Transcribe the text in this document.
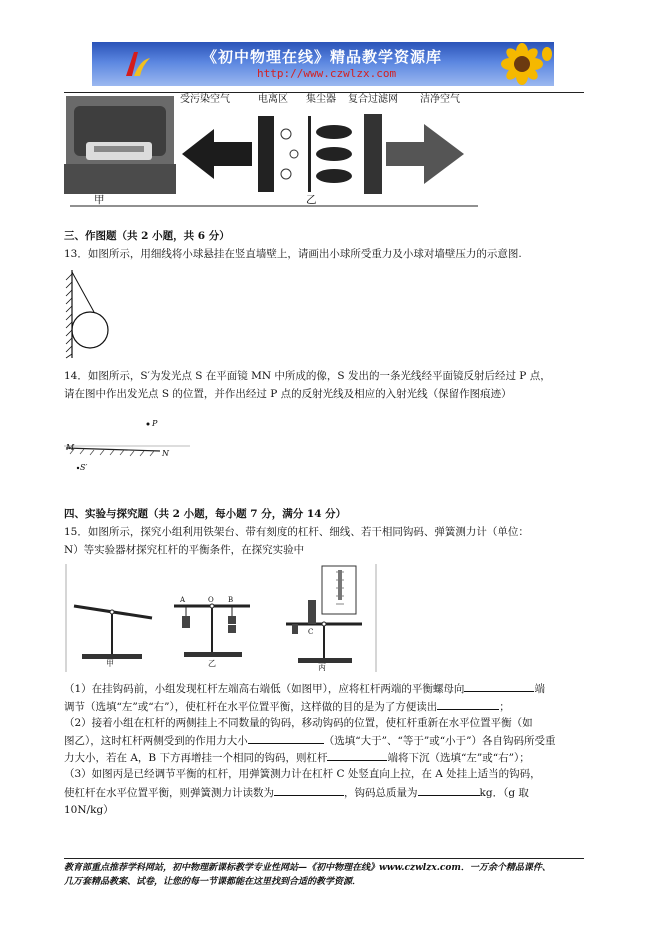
《初中物理在线》精品教学资源库
http://www.czwlzx.com
受污染空气	电离区 集尘器 复合过滤网 洁净空气
甲	乙
三、作图题（共 2 小题，共 6 分）
13．如图所示，用细线将小球悬挂在竖直墙壁上，请画出小球所受重力及小球对墙壁压力的示意图.
14．如图所示，S′为发光点 S 在平面镜 MN 中所成的像，S 发出的一条光线经平面镜反射后经过 P 点，
请在图中作出发光点 S 的位置，并作出经过 P 点的反射光线及相应的入射光线（保留作图痕迹）
P
M
N
S′
四、实验与探究题（共 2 小题，每小题 7 分，满分 14 分）
15．如图所示，探究小组利用铁架台、带有刻度的杠杆、细线、若干相同钩码、弹簧测力计（单位：
N）等实验器材探究杠杆的平衡条件，在探究实验中
甲	乙	丙
A	O B
C
（1）在挂钩码前，小组发现杠杆左端高右端低（如图甲），应将杠杆两端的平衡螺母向	端
调节（选填“左”或“右”），使杠杆在水平位置平衡，这样做的目的是为了方便读出	；
（2）接着小组在杠杆的两侧挂上不同数量的钩码，移动钩码的位置，使杠杆重新在水平位置平衡（如
图乙），这时杠杆两侧受到的作用力大小	（选填“大于”、“等于”或“小于”）各自钩码所受重
力大小，若在 A，B 下方再增挂一个相同的钩码，则杠杆	端将下沉（选填“左”或“右”）；
（3）如图丙是已经调节平衡的杠杆，用弹簧测力计在杠杆 C 处竖直向上拉，在 A 处挂上适当的钩码，
使杠杆在水平位置平衡，则弹簧测力计读数为	，钩码总质量为	kg．（g 取
10N/kg）
教育部重点推荐学科网站，初中物理新课标教学专业性网站—《初中物理在线》www.czwlzx.com．一万余个精品课件、
几万套精品教案、试卷，让您的每一节课都能在这里找到合适的教学资源．
